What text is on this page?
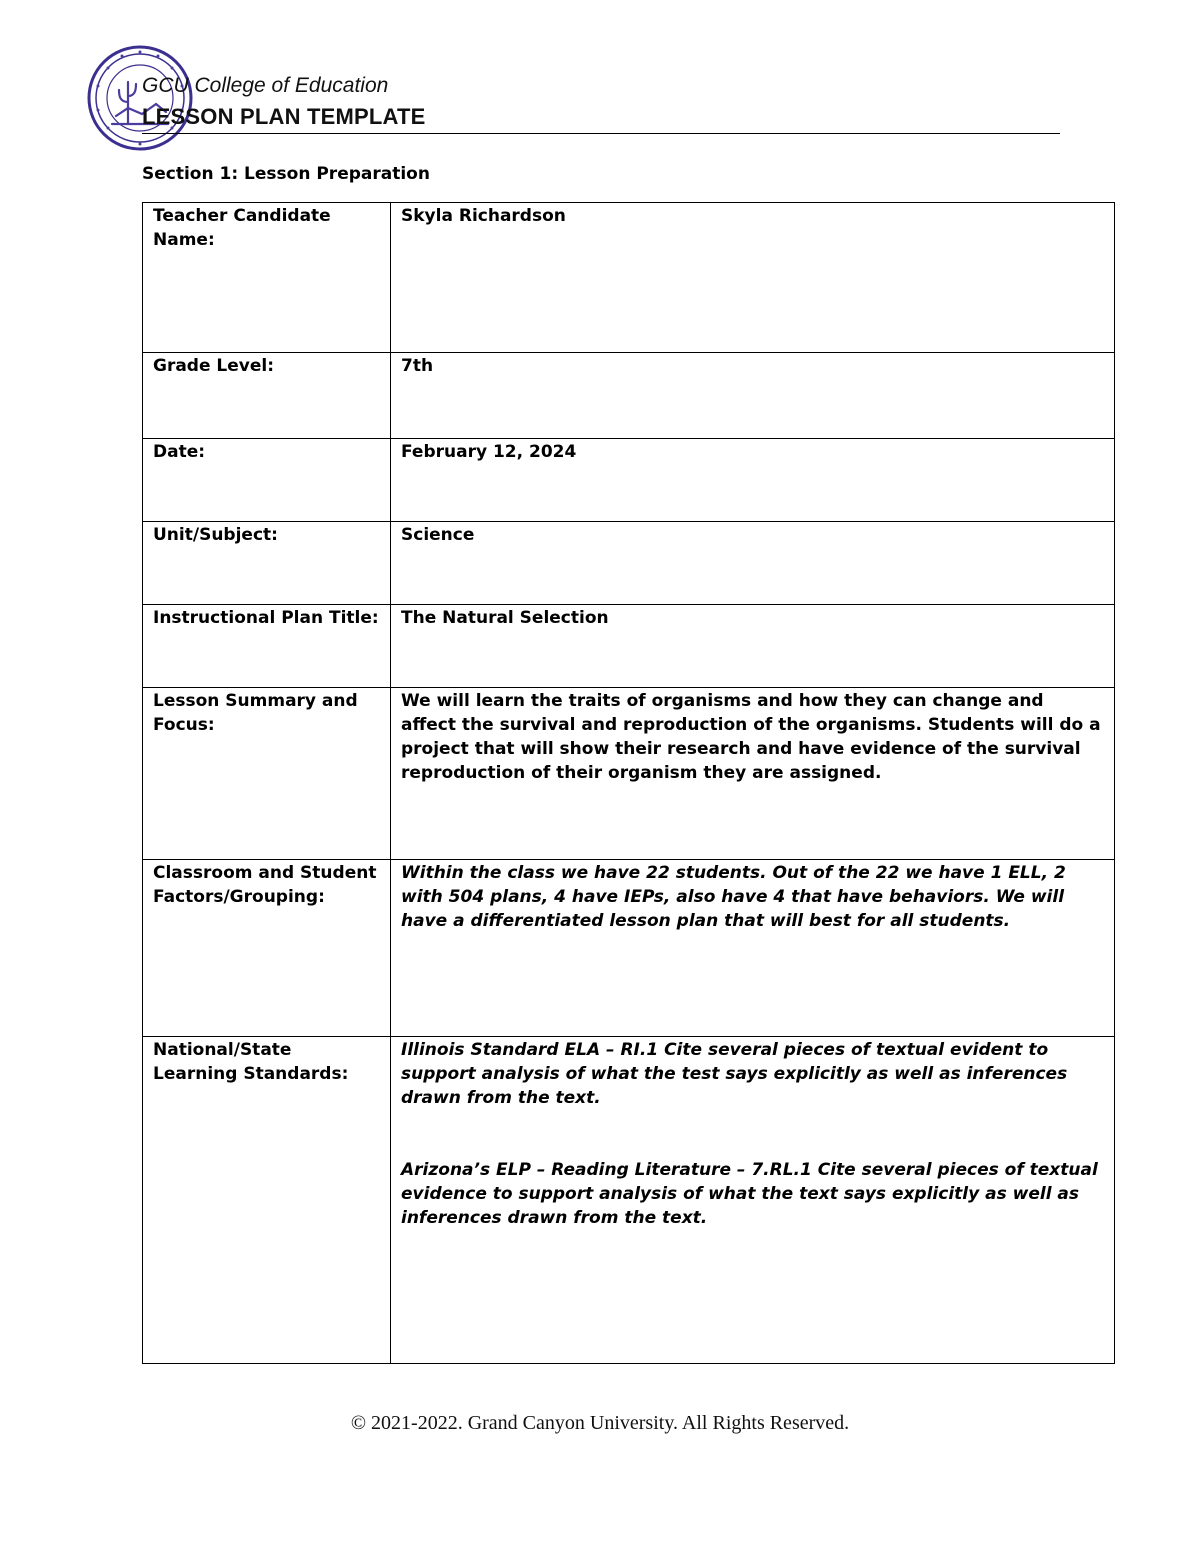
GCU College of Education
LESSON PLAN TEMPLATE
Section 1: Lesson Preparation
Teacher Candidate Name:	Skyla Richardson
Grade Level:	7th
Date:	February 12, 2024
Unit/Subject:	Science
Instructional Plan Title:	The Natural Selection
Lesson Summary and Focus:	We will learn the traits of organisms and how they can change and affect the survival and reproduction of the organisms. Students will do a project that will show their research and have evidence of the survival reproduction of their organism they are assigned.
Classroom and Student Factors/Grouping:	Within the class we have 22 students. Out of the 22 we have 1 ELL, 2 with 504 plans, 4 have IEPs, also have 4 that have behaviors. We will have a differentiated lesson plan that will best for all students.
National/State Learning Standards:	Illinois Standard ELA – RI.1 Cite several pieces of textual evident to support analysis of what the test says explicitly as well as inferences drawn from the text.

Arizona’s ELP – Reading Literature – 7.RL.1 Cite several pieces of textual evidence to support analysis of what the text says explicitly as well as inferences drawn from the text.

© 2021-2022. Grand Canyon University. All Rights Reserved.
